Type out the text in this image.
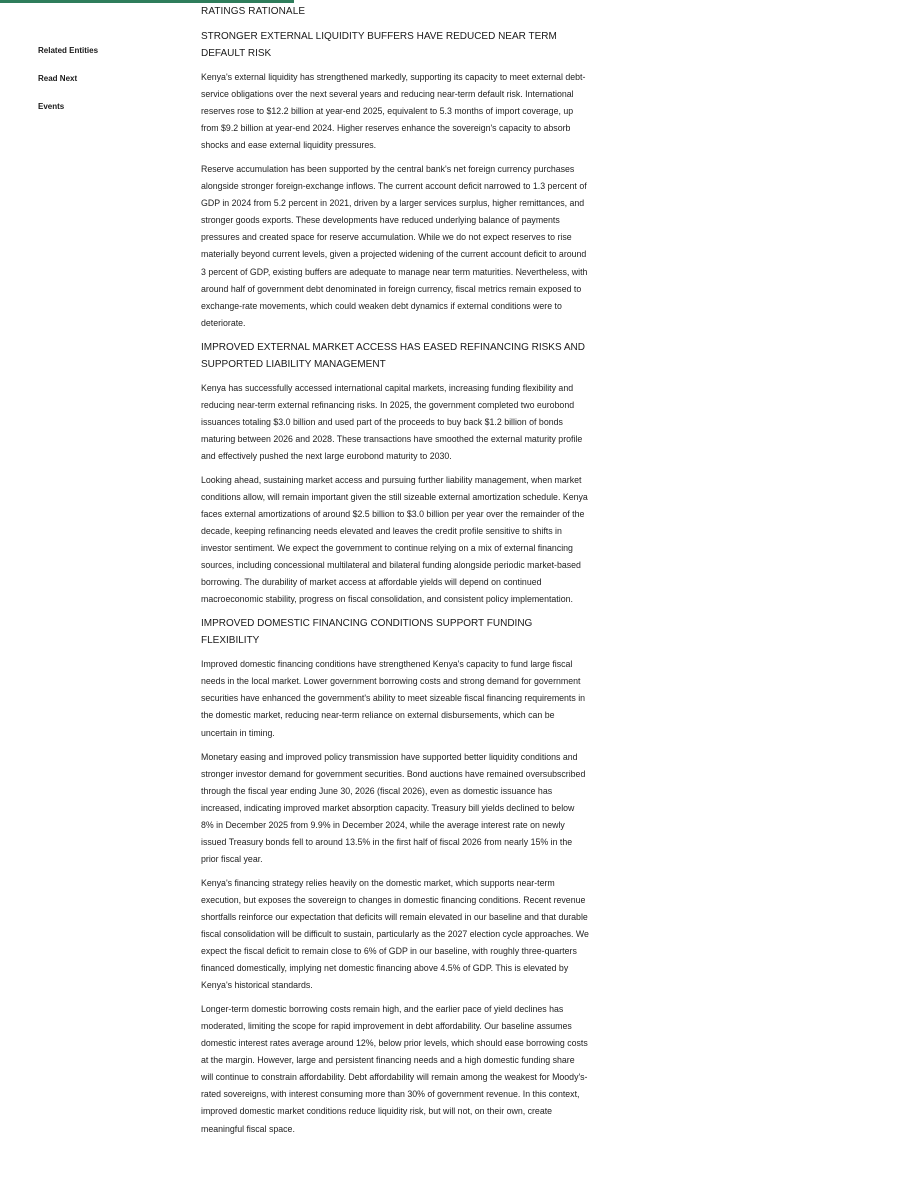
Related Entities
Read Next
Events
RATINGS RATIONALE
STRONGER EXTERNAL LIQUIDITY BUFFERS HAVE REDUCED NEAR TERM DEFAULT RISK

Kenya's external liquidity has strengthened markedly, supporting its capacity to meet external debt-service obligations over the next several years and reducing near-term default risk. International reserves rose to $12.2 billion at year-end 2025, equivalent to 5.3 months of import coverage, up from $9.2 billion at year-end 2024. Higher reserves enhance the sovereign's capacity to absorb shocks and ease external liquidity pressures.

Reserve accumulation has been supported by the central bank's net foreign currency purchases alongside stronger foreign-exchange inflows. The current account deficit narrowed to 1.3 percent of GDP in 2024 from 5.2 percent in 2021, driven by a larger services surplus, higher remittances, and stronger goods exports. These developments have reduced underlying balance of payments pressures and created space for reserve accumulation. While we do not expect reserves to rise materially beyond current levels, given a projected widening of the current account deficit to around 3 percent of GDP, existing buffers are adequate to manage near term maturities. Nevertheless, with around half of government debt denominated in foreign currency, fiscal metrics remain exposed to exchange-rate movements, which could weaken debt dynamics if external conditions were to deteriorate.

IMPROVED EXTERNAL MARKET ACCESS HAS EASED REFINANCING RISKS AND SUPPORTED LIABILITY MANAGEMENT

Kenya has successfully accessed international capital markets, increasing funding flexibility and reducing near-term external refinancing risks. In 2025, the government completed two eurobond issuances totaling $3.0 billion and used part of the proceeds to buy back $1.2 billion of bonds maturing between 2026 and 2028. These transactions have smoothed the external maturity profile and effectively pushed the next large eurobond maturity to 2030.

Looking ahead, sustaining market access and pursuing further liability management, when market conditions allow, will remain important given the still sizeable external amortization schedule. Kenya faces external amortizations of around $2.5 billion to $3.0 billion per year over the remainder of the decade, keeping refinancing needs elevated and leaves the credit profile sensitive to shifts in investor sentiment. We expect the government to continue relying on a mix of external financing sources, including concessional multilateral and bilateral funding alongside periodic market-based borrowing. The durability of market access at affordable yields will depend on continued macroeconomic stability, progress on fiscal consolidation, and consistent policy implementation.

IMPROVED DOMESTIC FINANCING CONDITIONS SUPPORT FUNDING FLEXIBILITY

Improved domestic financing conditions have strengthened Kenya's capacity to fund large fiscal needs in the local market. Lower government borrowing costs and strong demand for government securities have enhanced the government's ability to meet sizeable fiscal financing requirements in the domestic market, reducing near-term reliance on external disbursements, which can be uncertain in timing.

Monetary easing and improved policy transmission have supported better liquidity conditions and stronger investor demand for government securities. Bond auctions have remained oversubscribed through the fiscal year ending June 30, 2026 (fiscal 2026), even as domestic issuance has increased, indicating improved market absorption capacity. Treasury bill yields declined to below 8% in December 2025 from 9.9% in December 2024, while the average interest rate on newly issued Treasury bonds fell to around 13.5% in the first half of fiscal 2026 from nearly 15% in the prior fiscal year.

Kenya's financing strategy relies heavily on the domestic market, which supports near-term execution, but exposes the sovereign to changes in domestic financing conditions. Recent revenue shortfalls reinforce our expectation that deficits will remain elevated in our baseline and that durable fiscal consolidation will be difficult to sustain, particularly as the 2027 election cycle approaches. We expect the fiscal deficit to remain close to 6% of GDP in our baseline, with roughly three-quarters financed domestically, implying net domestic financing above 4.5% of GDP. This is elevated by Kenya's historical standards.

Longer-term domestic borrowing costs remain high, and the earlier pace of yield declines has moderated, limiting the scope for rapid improvement in debt affordability. Our baseline assumes domestic interest rates average around 12%, below prior levels, which should ease borrowing costs at the margin. However, large and persistent financing needs and a high domestic funding share will continue to constrain affordability. Debt affordability will remain among the weakest for Moody's-rated sovereigns, with interest consuming more than 30% of government revenue. In this context, improved domestic market conditions reduce liquidity risk, but will not, on their own, create meaningful fiscal space.
